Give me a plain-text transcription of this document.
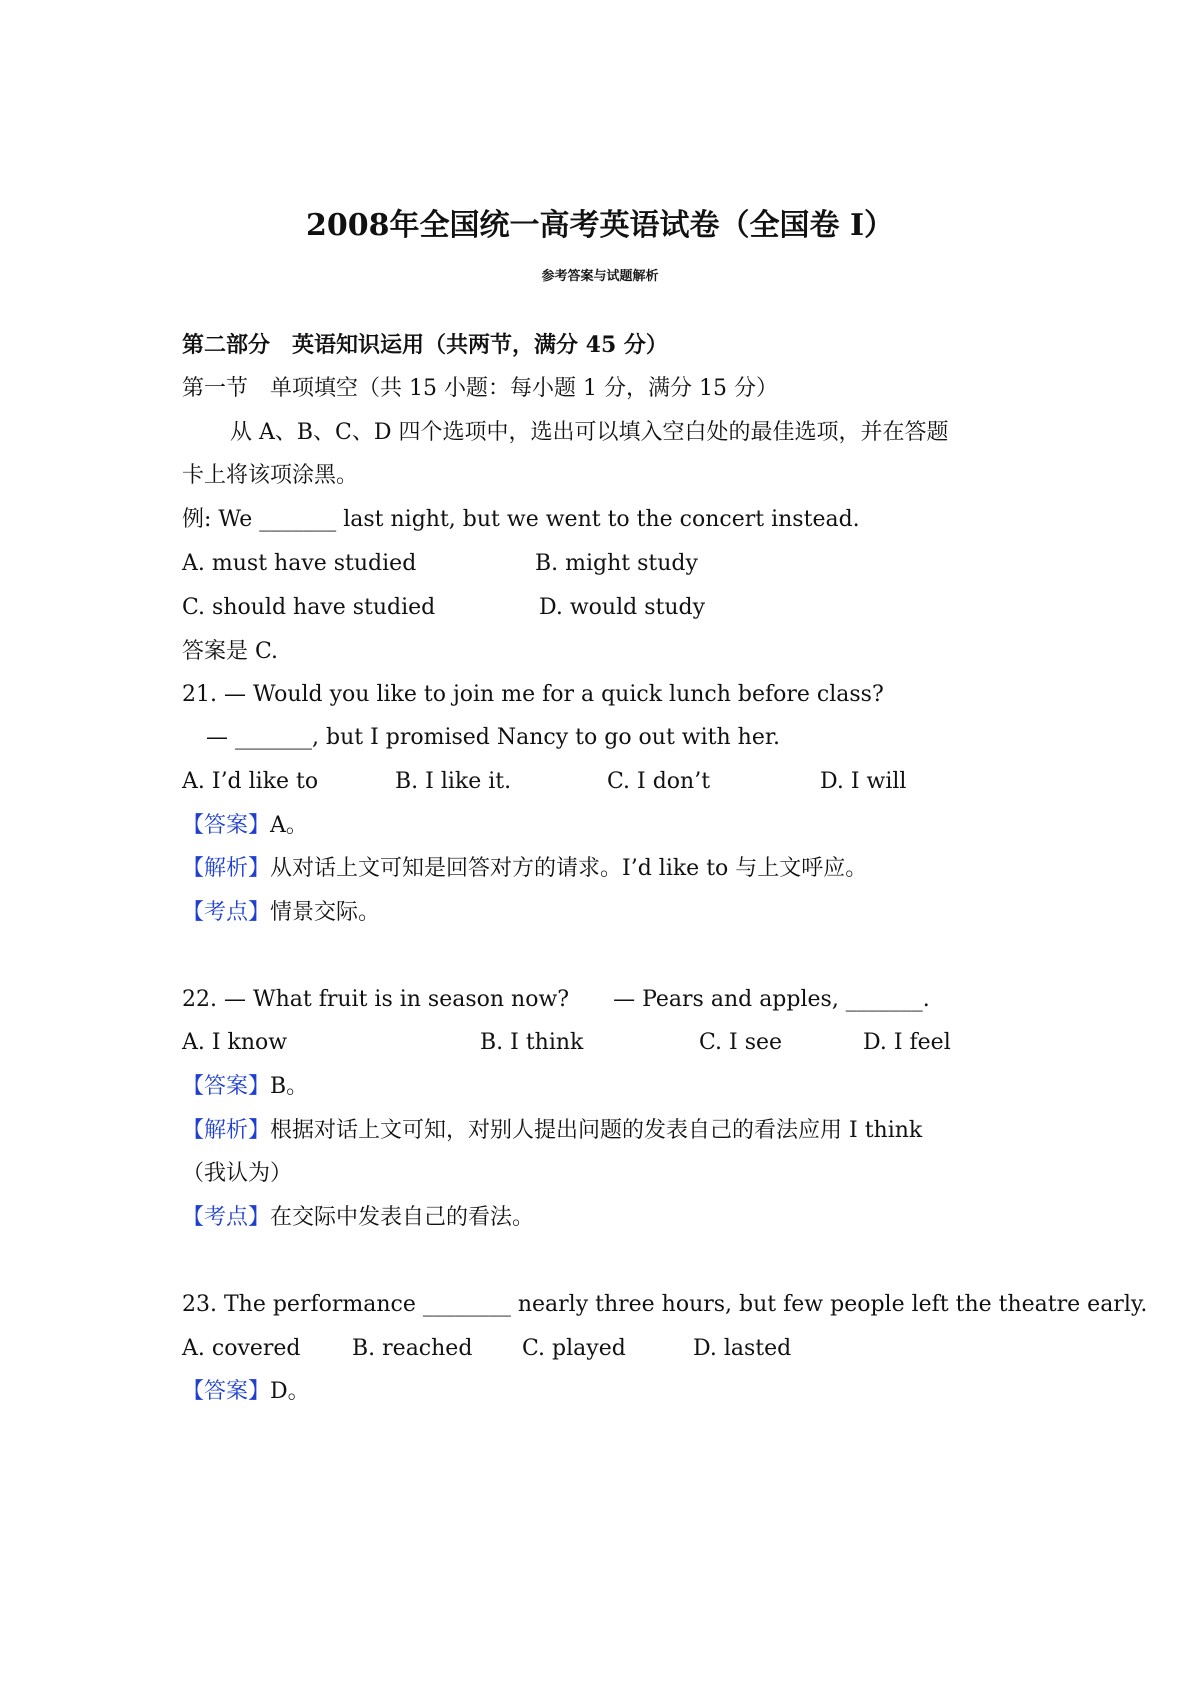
2008年全国统一高考英语试卷（全国卷 I）
参考答案与试题解析
第二部分　英语知识运用（共两节，满分 45 分）
第一节　单项填空（共 15 小题：每小题 1 分，满分 15 分）
从 A、B、C、D 四个选项中，选出可以填入空白处的最佳选项，并在答题
卡上将该项涂黑。
例: We _______ last night, but we went to the concert instead.
A. must have studied	B. might study
C. should have studied	D. would study
答案是 C.
21. — Would you like to join me for a quick lunch before class?
— _______, but I promised Nancy to go out with her.
A. I’d like to	B. I like it.	C. I don’t	D. I will
【答案】A。
【解析】从对话上文可知是回答对方的请求。I’d like to 与上文呼应。
【考点】情景交际。
22. — What fruit is in season now?　　— Pears and apples, _______.
A. I know	B. I think	C. I see	D. I feel
【答案】B。
【解析】根据对话上文可知，对别人提出问题的发表自己的看法应用 I think
（我认为）
【考点】在交际中发表自己的看法。
23. The performance ________ nearly three hours, but few people left the theatre early.
A. covered B. reached C. played	D. lasted
【答案】D。
